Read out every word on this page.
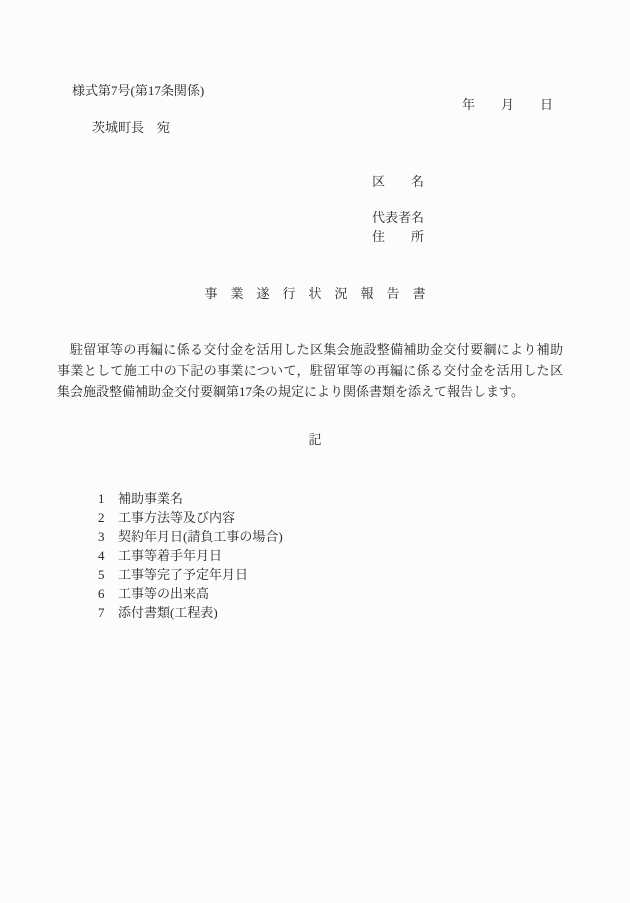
様式第7号(第17条関係)
年　　月　　日
茨城町長　宛
区　　名
代表者名
住　　所
事　業　遂　行　状　況　報　告　書

駐留軍等の再編に係る交付金を活用した区集会施設整備補助金交付要綱により補助事業として施工中の下記の事業について，駐留軍等の再編に係る交付金を活用した区集会施設整備補助金交付要綱第17条の規定により関係書類を添えて報告します。

記
1	補助事業名
2	工事方法等及び内容
3	契約年月日(請負工事の場合)
4	工事等着手年月日
5	工事等完了予定年月日
6	工事等の出来高
7	添付書類(工程表)
